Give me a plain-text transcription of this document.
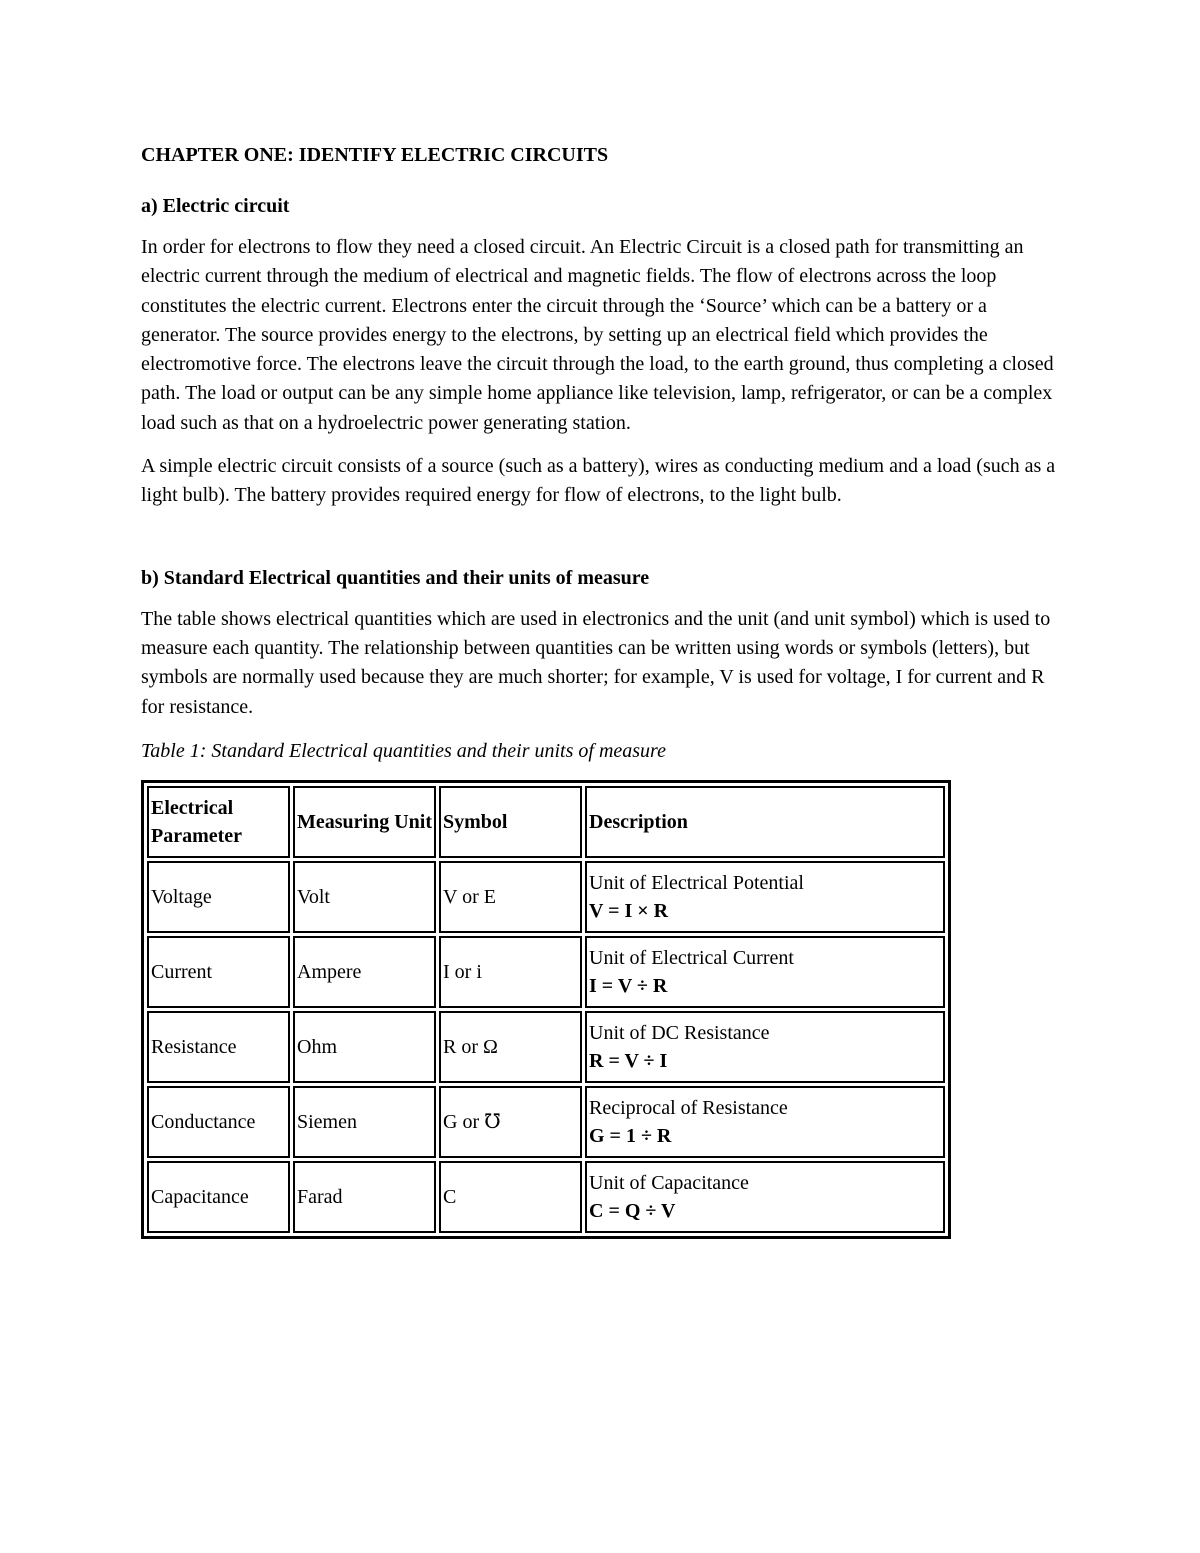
CHAPTER ONE: IDENTIFY ELECTRIC CIRCUITS
a) Electric circuit

In order for electrons to flow they need a closed circuit. An Electric Circuit is a closed path for transmitting an electric current through the medium of electrical and magnetic fields. The flow of electrons across the loop constitutes the electric current. Electrons enter the circuit through the ‘Source’ which can be a battery or a generator. The source provides energy to the electrons, by setting up an electrical field which provides the electromotive force. The electrons leave the circuit through the load, to the earth ground, thus completing a closed path. The load or output can be any simple home appliance like television, lamp, refrigerator, or can be a complex load such as that on a hydroelectric power generating station.

A simple electric circuit consists of a source (such as a battery), wires as conducting medium and a load (such as a light bulb). The battery provides required energy for flow of electrons, to the light bulb.

b) Standard Electrical quantities and their units of measure

The table shows electrical quantities which are used in electronics and the unit (and unit symbol) which is used to measure each quantity. The relationship between quantities can be written using words or symbols (letters), but symbols are normally used because they are much shorter; for example, V is used for voltage, I for current and R for resistance.

Table 1: Standard Electrical quantities and their units of measure
Electrical Parameter	Measuring Unit	Symbol	Description
Voltage	Volt	V or E	Unit of Electrical Potential
V = I × R

Current	Ampere	I or i	Unit of Electrical Current
I = V ÷ R

Resistance	Ohm	R or Ω	Unit of DC Resistance
R = V ÷ I

Conductance	Siemen	G or ℧	Reciprocal of Resistance
G = 1 ÷ R

Capacitance	Farad	C	Unit of Capacitance
C = Q ÷ V
